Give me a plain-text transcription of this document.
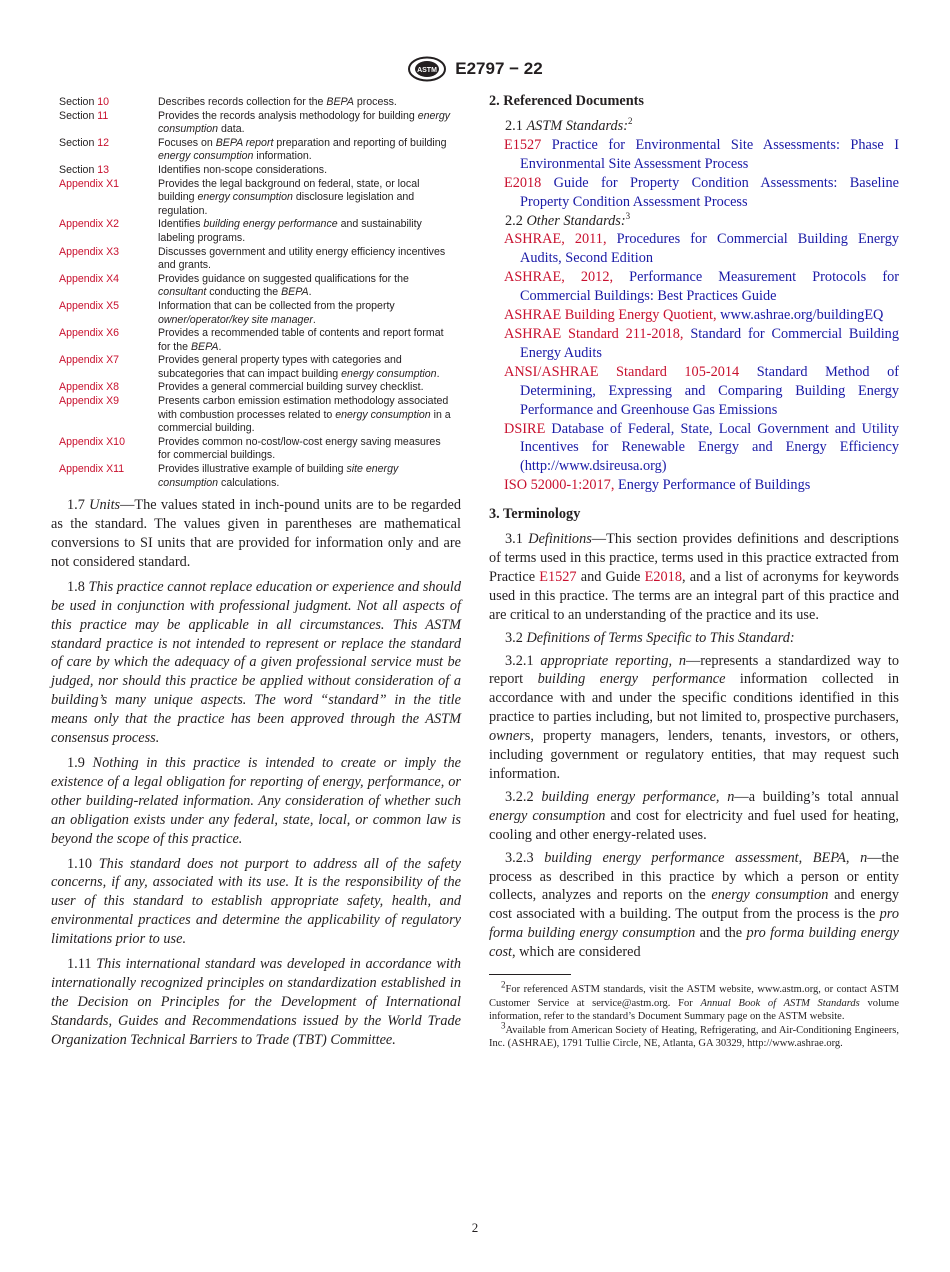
ASTM E2797 − 22
Section 10	Describes records collection for the BEPA process.
Section 11	Provides the records analysis methodology for building energy consumption data.
Section 12	Focuses on BEPA report preparation and reporting of building energy consumption information.
Section 13	Identifies non-scope considerations.
Appendix X1	Provides the legal background on federal, state, or local building energy consumption disclosure legislation and regulation.
Appendix X2	Identifies building energy performance and sustainability labeling programs.
Appendix X3	Discusses government and utility energy efficiency incentives and grants.
Appendix X4	Provides guidance on suggested qualifications for the consultant conducting the BEPA.
Appendix X5	Information that can be collected from the property owner/operator/key site manager.
Appendix X6	Provides a recommended table of contents and report format for the BEPA.
Appendix X7	Provides general property types with categories and subcategories that can impact building energy consumption.
Appendix X8	Provides a general commercial building survey checklist.
Appendix X9	Presents carbon emission estimation methodology associated with combustion processes related to energy consumption in a commercial building.
Appendix X10	Provides common no-cost/low-cost energy saving measures for commercial buildings.
Appendix X11	Provides illustrative example of building site energy consumption calculations.

1.7 Units—The values stated in inch-pound units are to be regarded as the standard. The values given in parentheses are mathematical conversions to SI units that are provided for information only and are not considered standard.

1.8 This practice cannot replace education or experience and should be used in conjunction with professional judgment. Not all aspects of this practice may be applicable in all circumstances. This ASTM standard practice is not intended to represent or replace the standard of care by which the adequacy of a given professional service must be judged, nor should this practice be applied without consideration of a building’s many unique aspects. The word “standard” in the title means only that the practice has been approved through the ASTM consensus process.

1.9 Nothing in this practice is intended to create or imply the existence of a legal obligation for reporting of energy, performance, or other building-related information. Any consideration of whether such an obligation exists under any federal, state, local, or common law is beyond the scope of this practice.

1.10 This standard does not purport to address all of the safety concerns, if any, associated with its use. It is the responsibility of the user of this standard to establish appropriate safety, health, and environmental practices and determine the applicability of regulatory limitations prior to use.

1.11 This international standard was developed in accordance with internationally recognized principles on standardization established in the Decision on Principles for the Development of International Standards, Guides and Recommendations issued by the World Trade Organization Technical Barriers to Trade (TBT) Committee.

2. Referenced Documents

2.1 ASTM Standards:$^2$

E1527 Practice for Environmental Site Assessments: Phase I Environmental Site Assessment Process

E2018 Guide for Property Condition Assessments: Baseline Property Condition Assessment Process

2.2 Other Standards:$^3$

ASHRAE, 2011, Procedures for Commercial Building Energy Audits, Second Edition

ASHRAE, 2012, Performance Measurement Protocols for Commercial Buildings: Best Practices Guide

ASHRAE Building Energy Quotient, www.ashrae.org/buildingEQ

ASHRAE Standard 211-2018, Standard for Commercial Building Energy Audits

ANSI/ASHRAE Standard 105-2014 Standard Method of Determining, Expressing and Comparing Building Energy Performance and Greenhouse Gas Emissions

DSIRE Database of Federal, State, Local Government and Utility Incentives for Renewable Energy and Energy Efficiency (http://www.dsireusa.org)

ISO 52000-1:2017, Energy Performance of Buildings

3. Terminology

3.1 Definitions—This section provides definitions and descriptions of terms used in this practice, terms used in this practice extracted from Practice E1527 and Guide E2018, and a list of acronyms for keywords used in this practice. The terms are an integral part of this practice and are critical to an understanding of the practice and its use.

3.2 Definitions of Terms Specific to This Standard:

3.2.1 appropriate reporting, n—represents a standardized way to report building energy performance information collected in accordance with and under the specific conditions identified in this practice to parties including, but not limited to, prospective purchasers, owners, property managers, lenders, tenants, investors, or others, including government or regulatory entities, that may request such information.

3.2.2 building energy performance, n—a building’s total annual energy consumption and cost for electricity and fuel used for heating, cooling and other energy-related uses.

3.2.3 building energy performance assessment, BEPA, n—the process as described in this practice by which a person or entity collects, analyzes and reports on the energy consumption and energy cost associated with a building. The output from the process is the pro forma building energy consumption and the pro forma building energy cost, which are considered

$^2$For referenced ASTM standards, visit the ASTM website, www.astm.org, or contact ASTM Customer Service at service@astm.org. For Annual Book of ASTM Standards volume information, refer to the standard’s Document Summary page on the ASTM website.

$^3$Available from American Society of Heating, Refrigerating, and Air-Conditioning Engineers, Inc. (ASHRAE), 1791 Tullie Circle, NE, Atlanta, GA 30329, http://www.ashrae.org.

2
